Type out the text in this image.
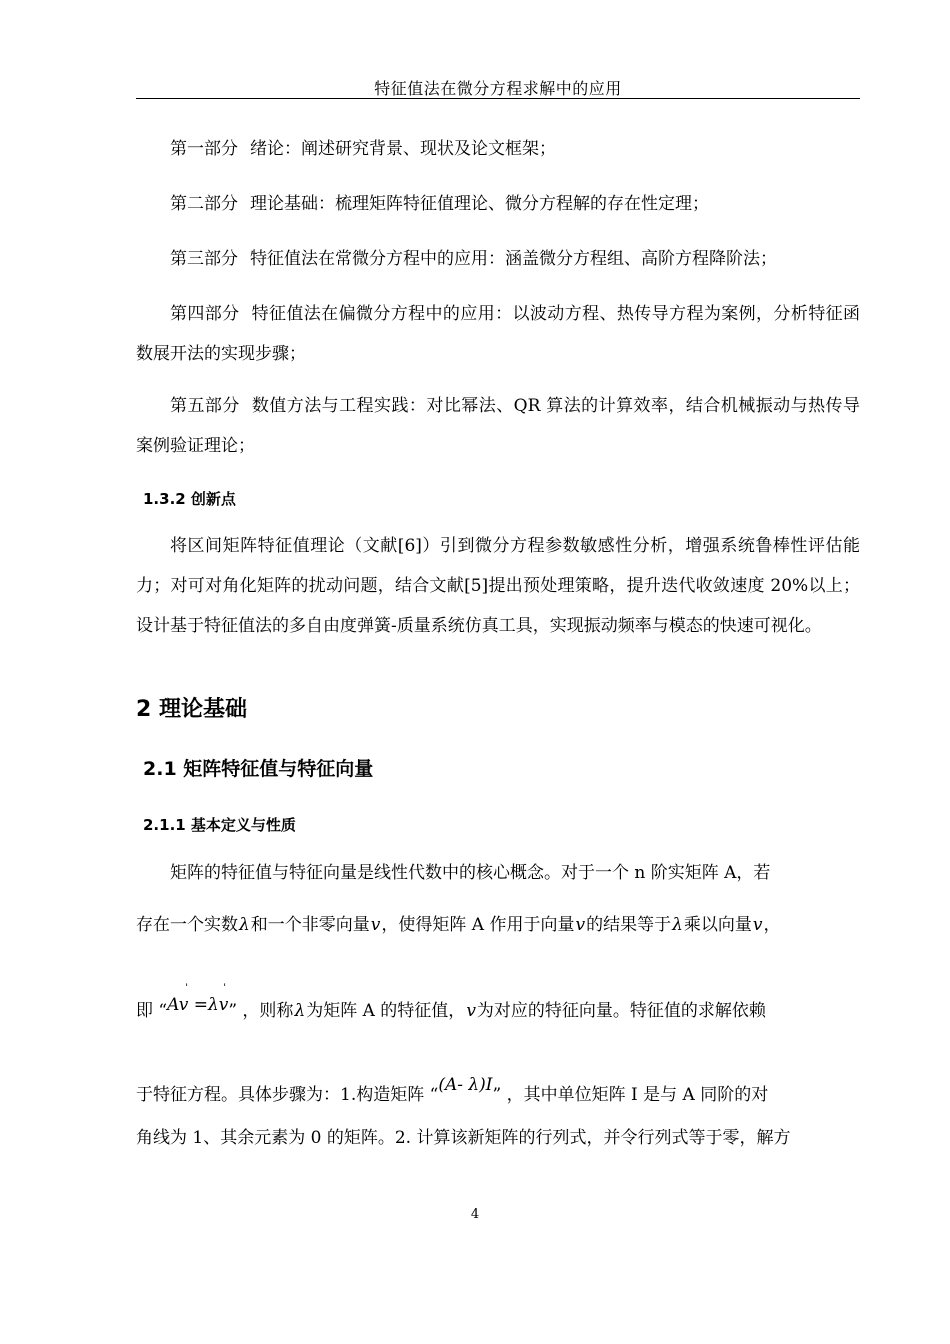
特征值法在微分方程求解中的应用

第一部分 绪论：阐述研究背景、现状及论文框架；

第二部分 理论基础：梳理矩阵特征值理论、微分方程解的存在性定理；

第三部分 特征值法在常微分方程中的应用：涵盖微分方程组、高阶方程降阶法；

第四部分 特征值法在偏微分方程中的应用：以波动方程、热传导方程为案例，分析特征函数展开法的实现步骤；

第五部分 数值方法与工程实践：对比幂法、QR 算法的计算效率，结合机械振动与热传导案例验证理论；

1.3.2 创新点

将区间矩阵特征值理论（文献[6]）引到微分方程参数敏感性分析，增强系统鲁棒性评估能力；对可对角化矩阵的扰动问题，结合文献[5]提出预处理策略，提升迭代收敛速度 20%以上；设计基于特征值法的多自由度弹簧-质量系统仿真工具，实现振动频率与模态的快速可视化。

2 理论基础
2.1 矩阵特征值与特征向量
2.1.1 基本定义与性质

矩阵的特征值与特征向量是线性代数中的核心概念。对于一个 n 阶实矩阵 A，若

存在一个实数λ和一个非零向量v，使得矩阵 A 作用于向量v的结果等于λ乘以向量v，

即 “
ˈ	ˈ
Av =λv” ，则称λ为矩阵 A 的特征值，v为对应的特征向量。特征值的求解依赖

于特征方程。具体步骤为：1.构造矩阵 “(A- λ)I” ，其中单位矩阵 I 是与 A 同阶的对

角线为 1、其余元素为 0 的矩阵。2. 计算该新矩阵的行列式，并令行列式等于零，解方

4
